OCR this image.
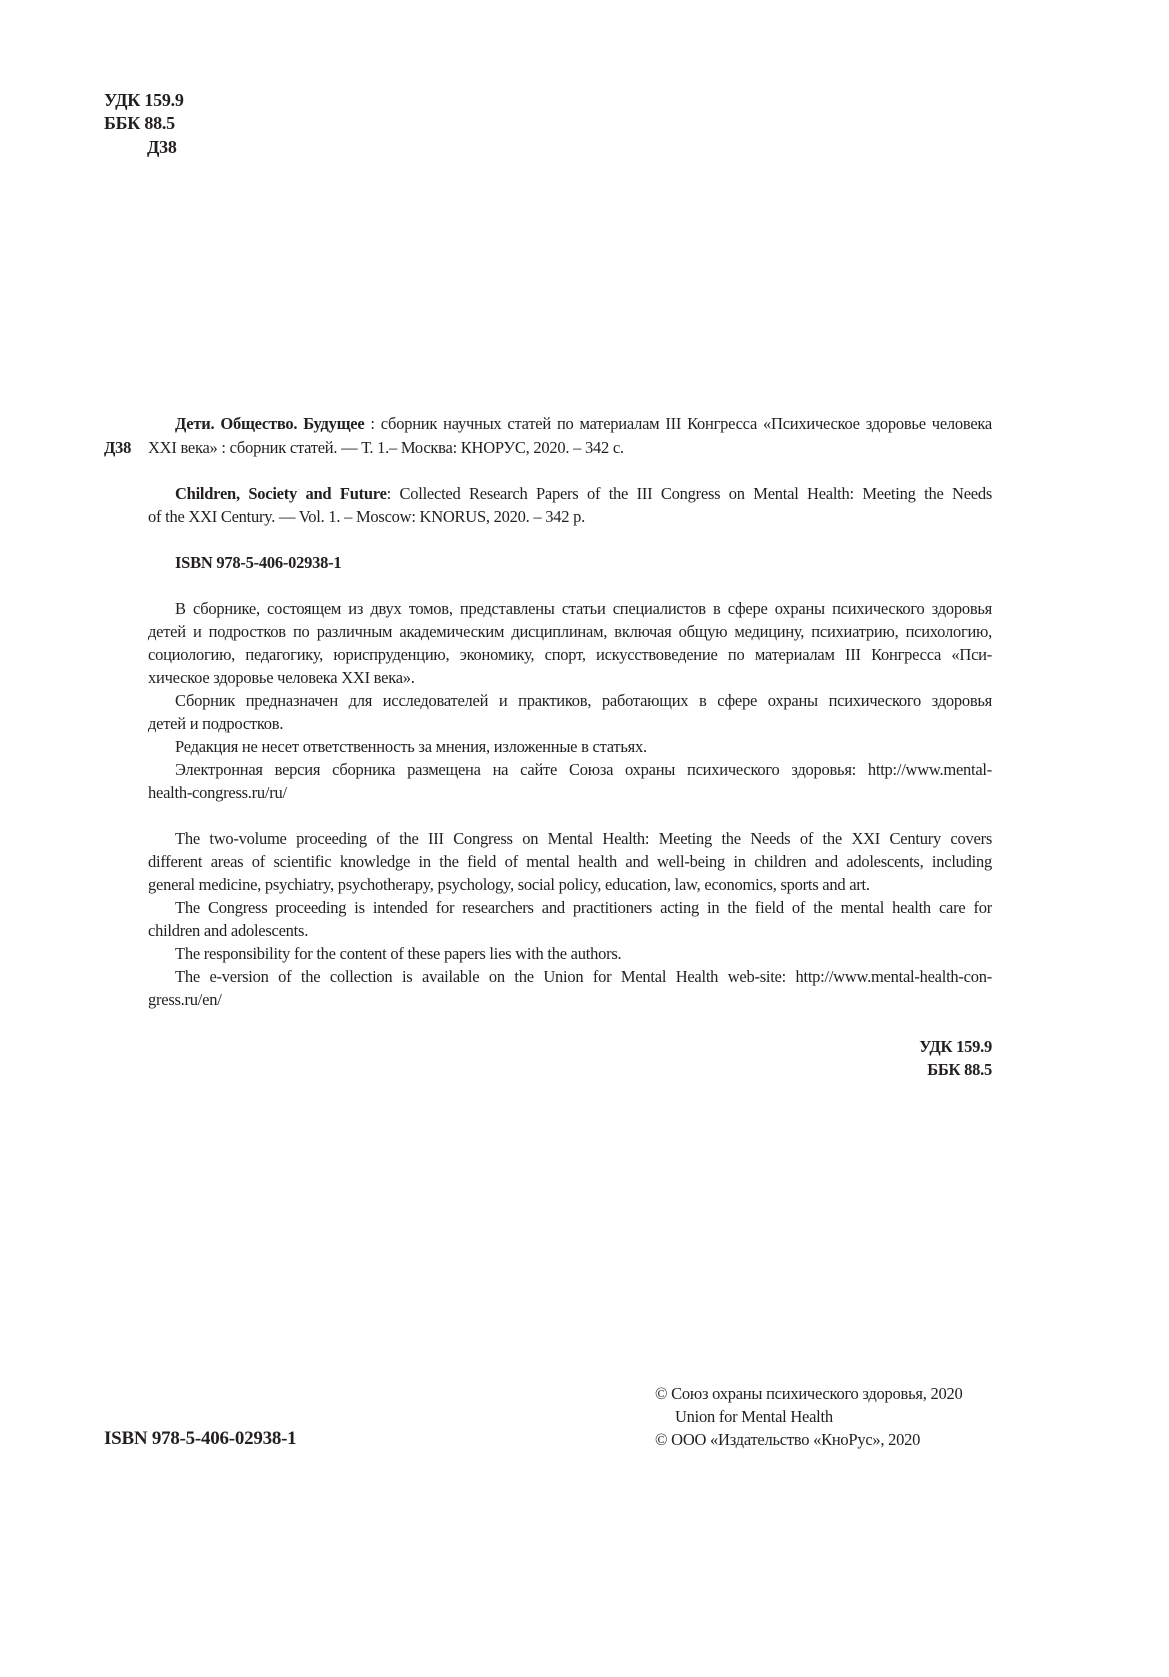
УДК 159.9
ББК 88.5
Д38
Дети. Общество. Будущее : сборник научных статей по материалам III Конгресса «Психическое здоровье человека
Д38 XXI века» : сборник статей. — Т. 1.– Москва: КНОРУС, 2020. – 342 с.
Children, Society and Future: Collected Research Papers of the III Congress on Mental Health: Meeting the Needs
of the XXI Century. — Vol. 1. – Moscow: KNORUS, 2020. – 342 p.
ISBN 978-5-406-02938-1
В сборнике, состоящем из двух томов, представлены статьи специалистов в сфере охраны психического здоровья
детей и подростков по различным академическим дисциплинам, включая общую медицину, психиатрию, психологию,
социологию, педагогику, юриспруденцию, экономику, спорт, искусствоведение по материалам III Конгресса «Пси-
хическое здоровье человека XXI века».
Сборник предназначен для исследователей и практиков, работающих в сфере охраны психического здоровья
детей и подростков.
Редакция не несет ответственность за мнения, изложенные в статьях.
Электронная версия сборника размещена на сайте Союза охраны психического здоровья: http://www.mental-
health-congress.ru/ru/
The two-volume proceeding of the III Congress on Mental Health: Meeting the Needs of the XXI Century covers
different areas of scientific knowledge in the field of mental health and well-being in children and adolescents, including
general medicine, psychiatry, psychotherapy, psychology, social policy, education, law, economics, sports and art.
The Congress proceeding is intended for researchers and practitioners acting in the field of the mental health care for
children and adolescents.
The responsibility for the content of these papers lies with the authors.
The e-version of the collection is available on the Union for Mental Health web-site: http://www.mental-health-con-
gress.ru/en/
УДК 159.9
ББК 88.5
ISBN 978-5-406-02938-1
© Союз охраны психического здоровья, 2020
Union for Mental Health
© ООО «Издательство «КноРус», 2020
